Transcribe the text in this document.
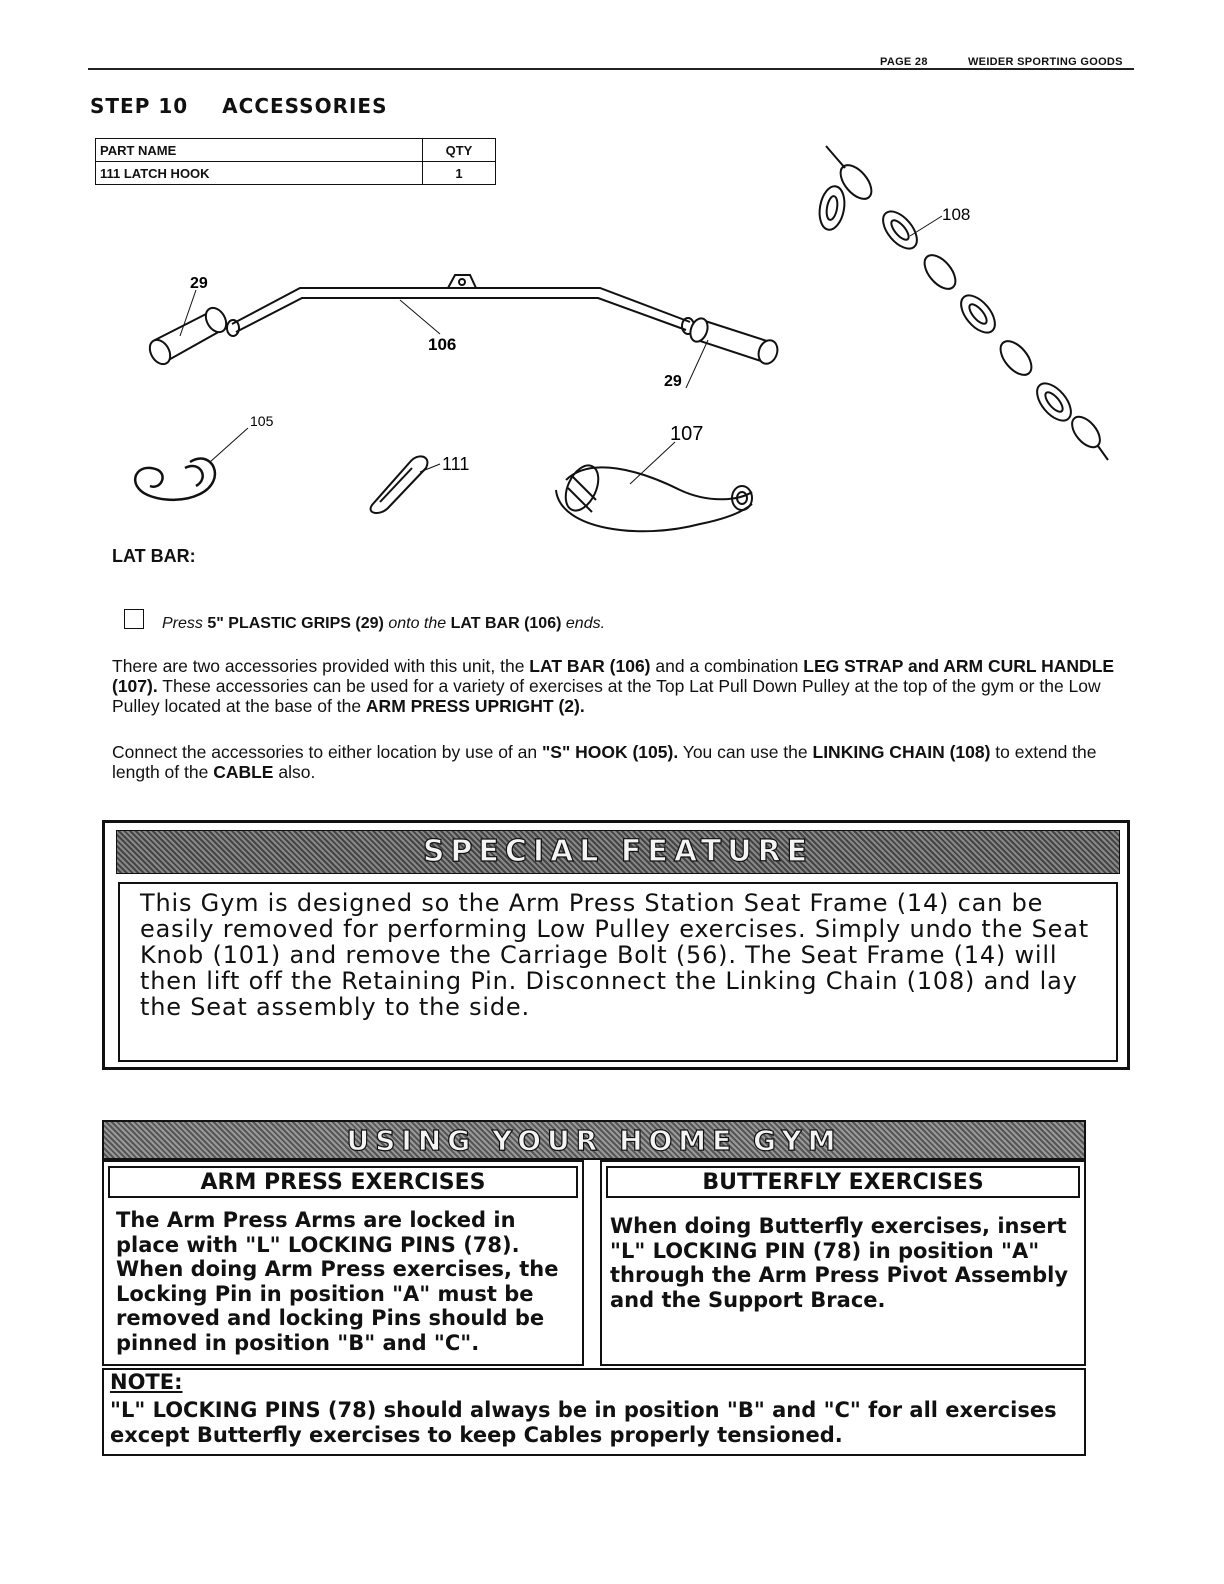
PAGE 28	WEIDER SPORTING GOODS
STEP 10 ACCESSORIES
PART NAME	QTY
111 LATCH HOOK	1
29
106
29
105
111
107
108
LAT BAR:
Press 5" PLASTIC GRIPS (29) onto the LAT BAR (106) ends.
There are two accessories provided with this unit, the LAT BAR (106) and a combination LEG STRAP and ARM CURL HANDLE (107). These accessories can be used for a variety of exercises at the Top Lat Pull Down Pulley at the top of the gym or the Low Pulley located at the base of the ARM PRESS UPRIGHT (2).
Connect the accessories to either location by use of an "S" HOOK (105). You can use the LINKING CHAIN (108) to extend the length of the CABLE also.
SPECIAL FEATURE
This Gym is designed so the Arm Press Station Seat Frame (14) can be easily removed for performing Low Pulley exercises. Simply undo the Seat Knob (101) and remove the Carriage Bolt (56). The Seat Frame (14) will then lift off the Retaining Pin. Disconnect the Linking Chain (108) and lay the Seat assembly to the side.
USING YOUR HOME GYM
ARM PRESS EXERCISES
The Arm Press Arms are locked in place with "L" LOCKING PINS (78). When doing Arm Press exercises, the Locking Pin in position "A" must be removed and locking Pins should be pinned in position "B" and "C".
BUTTERFLY EXERCISES
When doing Butterfly exercises, insert "L" LOCKING PIN (78) in position "A" through the Arm Press Pivot Assembly and the Support Brace.
NOTE:
"L" LOCKING PINS (78) should always be in position "B" and "C" for all exercises except Butterfly exercises to keep Cables properly tensioned.
